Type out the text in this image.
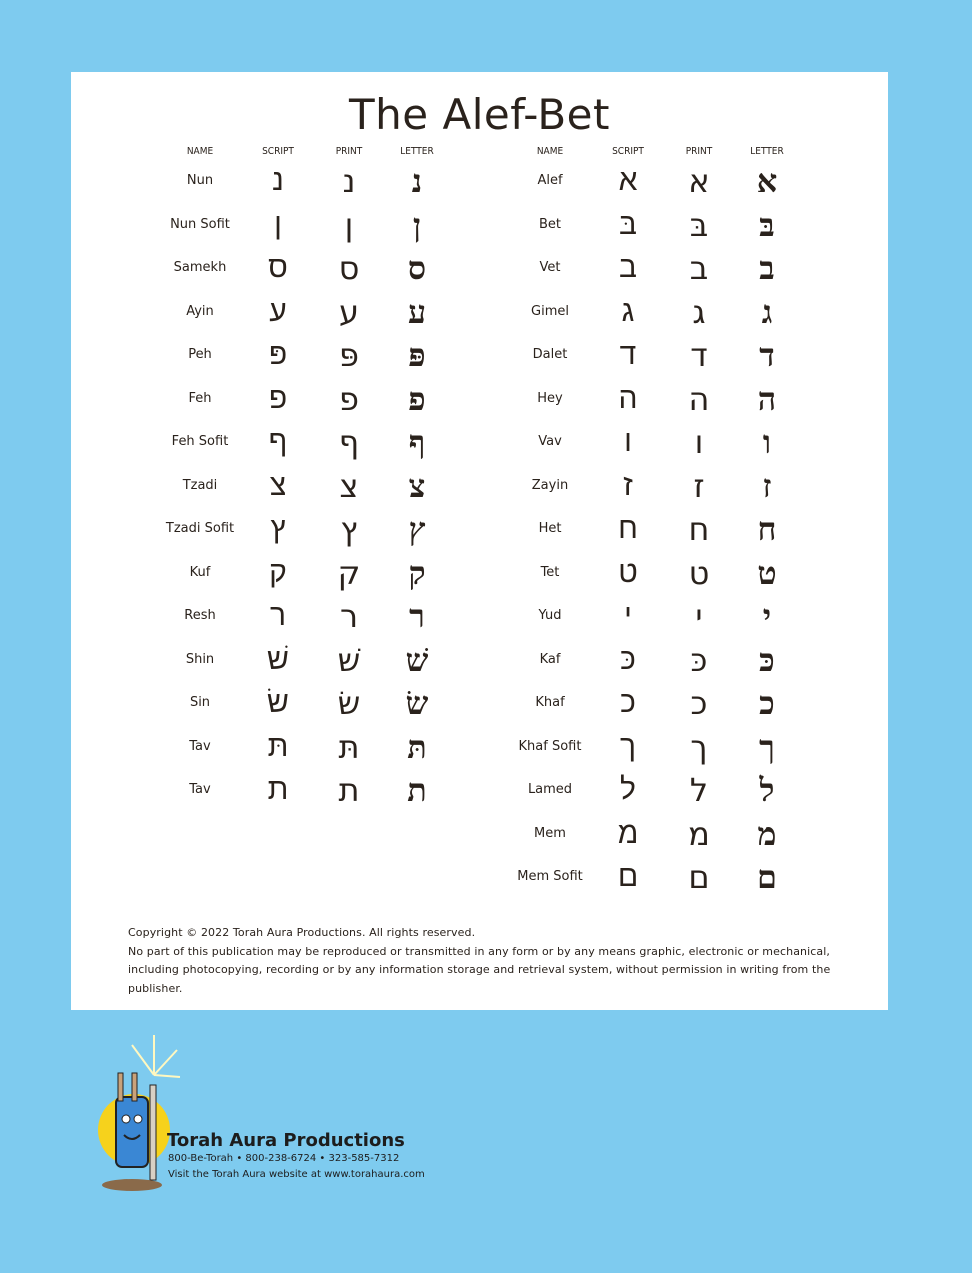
The Alef-Bet
NAME	SCRIPT	PRINT	LETTER
Nun	נ	נ	נ
Nun Sofit	ן	ן	ן
Samekh	ס	ס	ס
Ayin	ע	ע	ע
Peh	פּ	פּ	פּ
Feh	פ	פ	פ
Feh Sofit	ף	ף	ף
Tzadi	צ	צ	צ
Tzadi Sofit	ץ	ץ	ץ
Kuf	ק	ק	ק
Resh	ר	ר	ר
Shin	שׁ	שׁ	שׁ
Sin	שׂ	שׂ	שׂ
Tav	תּ	תּ	תּ
Tav	ת	ת	ת
NAME	SCRIPT	PRINT	LETTER
Alef	א	א	א
Bet	בּ	בּ	בּ
Vet	ב	ב	ב
Gimel	ג	ג	ג
Dalet	ד	ד	ד
Hey	ה	ה	ה
Vav	ו	ו	ו
Zayin	ז	ז	ז
Het	ח	ח	ח
Tet	ט	ט	ט
Yud	י	י	י
Kaf	כּ	כּ	כּ
Khaf	כ	כ	כ
Khaf Sofit	ך	ך	ך
Lamed	ל	ל	ל
Mem	מ	מ	מ
Mem Sofit	ם	ם	ם

Copyright © 2022 Torah Aura Productions. All rights reserved.

No part of this publication may be reproduced or transmitted in any form or by any means graphic, electronic or mechanical, including photocopying, recording or by any information storage and retrieval system, without permission in writing from the publisher.

Torah Aura Productions
800-Be-Torah • 800-238-6724 • 323-585-7312
Visit the Torah Aura website at www.torahaura.com
